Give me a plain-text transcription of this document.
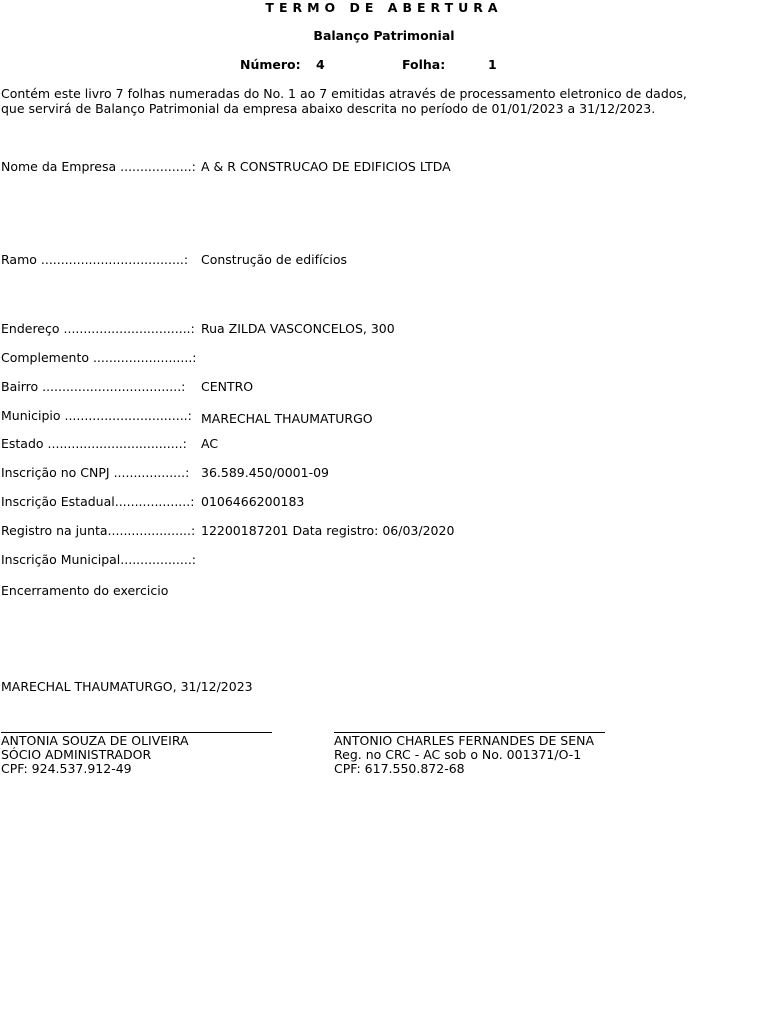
TERMO DE ABERTURA
Balanço Patrimonial
Número: 4	Folha:	1
Contém este livro 7 folhas numeradas do No. 1 ao 7 emitidas através de processamento eletronico de dados, que servirá de Balanço Patrimonial da empresa abaixo descrita no período de 01/01/2023 a 31/12/2023.
Nome da Empresa ..................: A & R CONSTRUCAO DE EDIFICIOS LTDA
Ramo ....................................: Construção de edifícios
Endereço ................................: Rua ZILDA VASCONCELOS, 300
Complemento .........................:
Bairro ...................................: CENTRO
Municipio ...............................: MARECHAL THAUMATURGO
Estado ..................................: AC
Inscrição no CNPJ ..................: 36.589.450/0001-09
Inscrição Estadual...................: 0106466200183
Registro na junta.....................: 12200187201 Data registro: 06/03/2020
Inscrição Municipal..................:
Encerramento do exercicio
MARECHAL THAUMATURGO, 31/12/2023
ANTONIA SOUZA DE OLIVEIRA
SÓCIO ADMINISTRADOR
CPF: 924.537.912-49
ANTONIO CHARLES FERNANDES DE SENA
Reg. no CRC - AC sob o No. 001371/O-1
CPF: 617.550.872-68
